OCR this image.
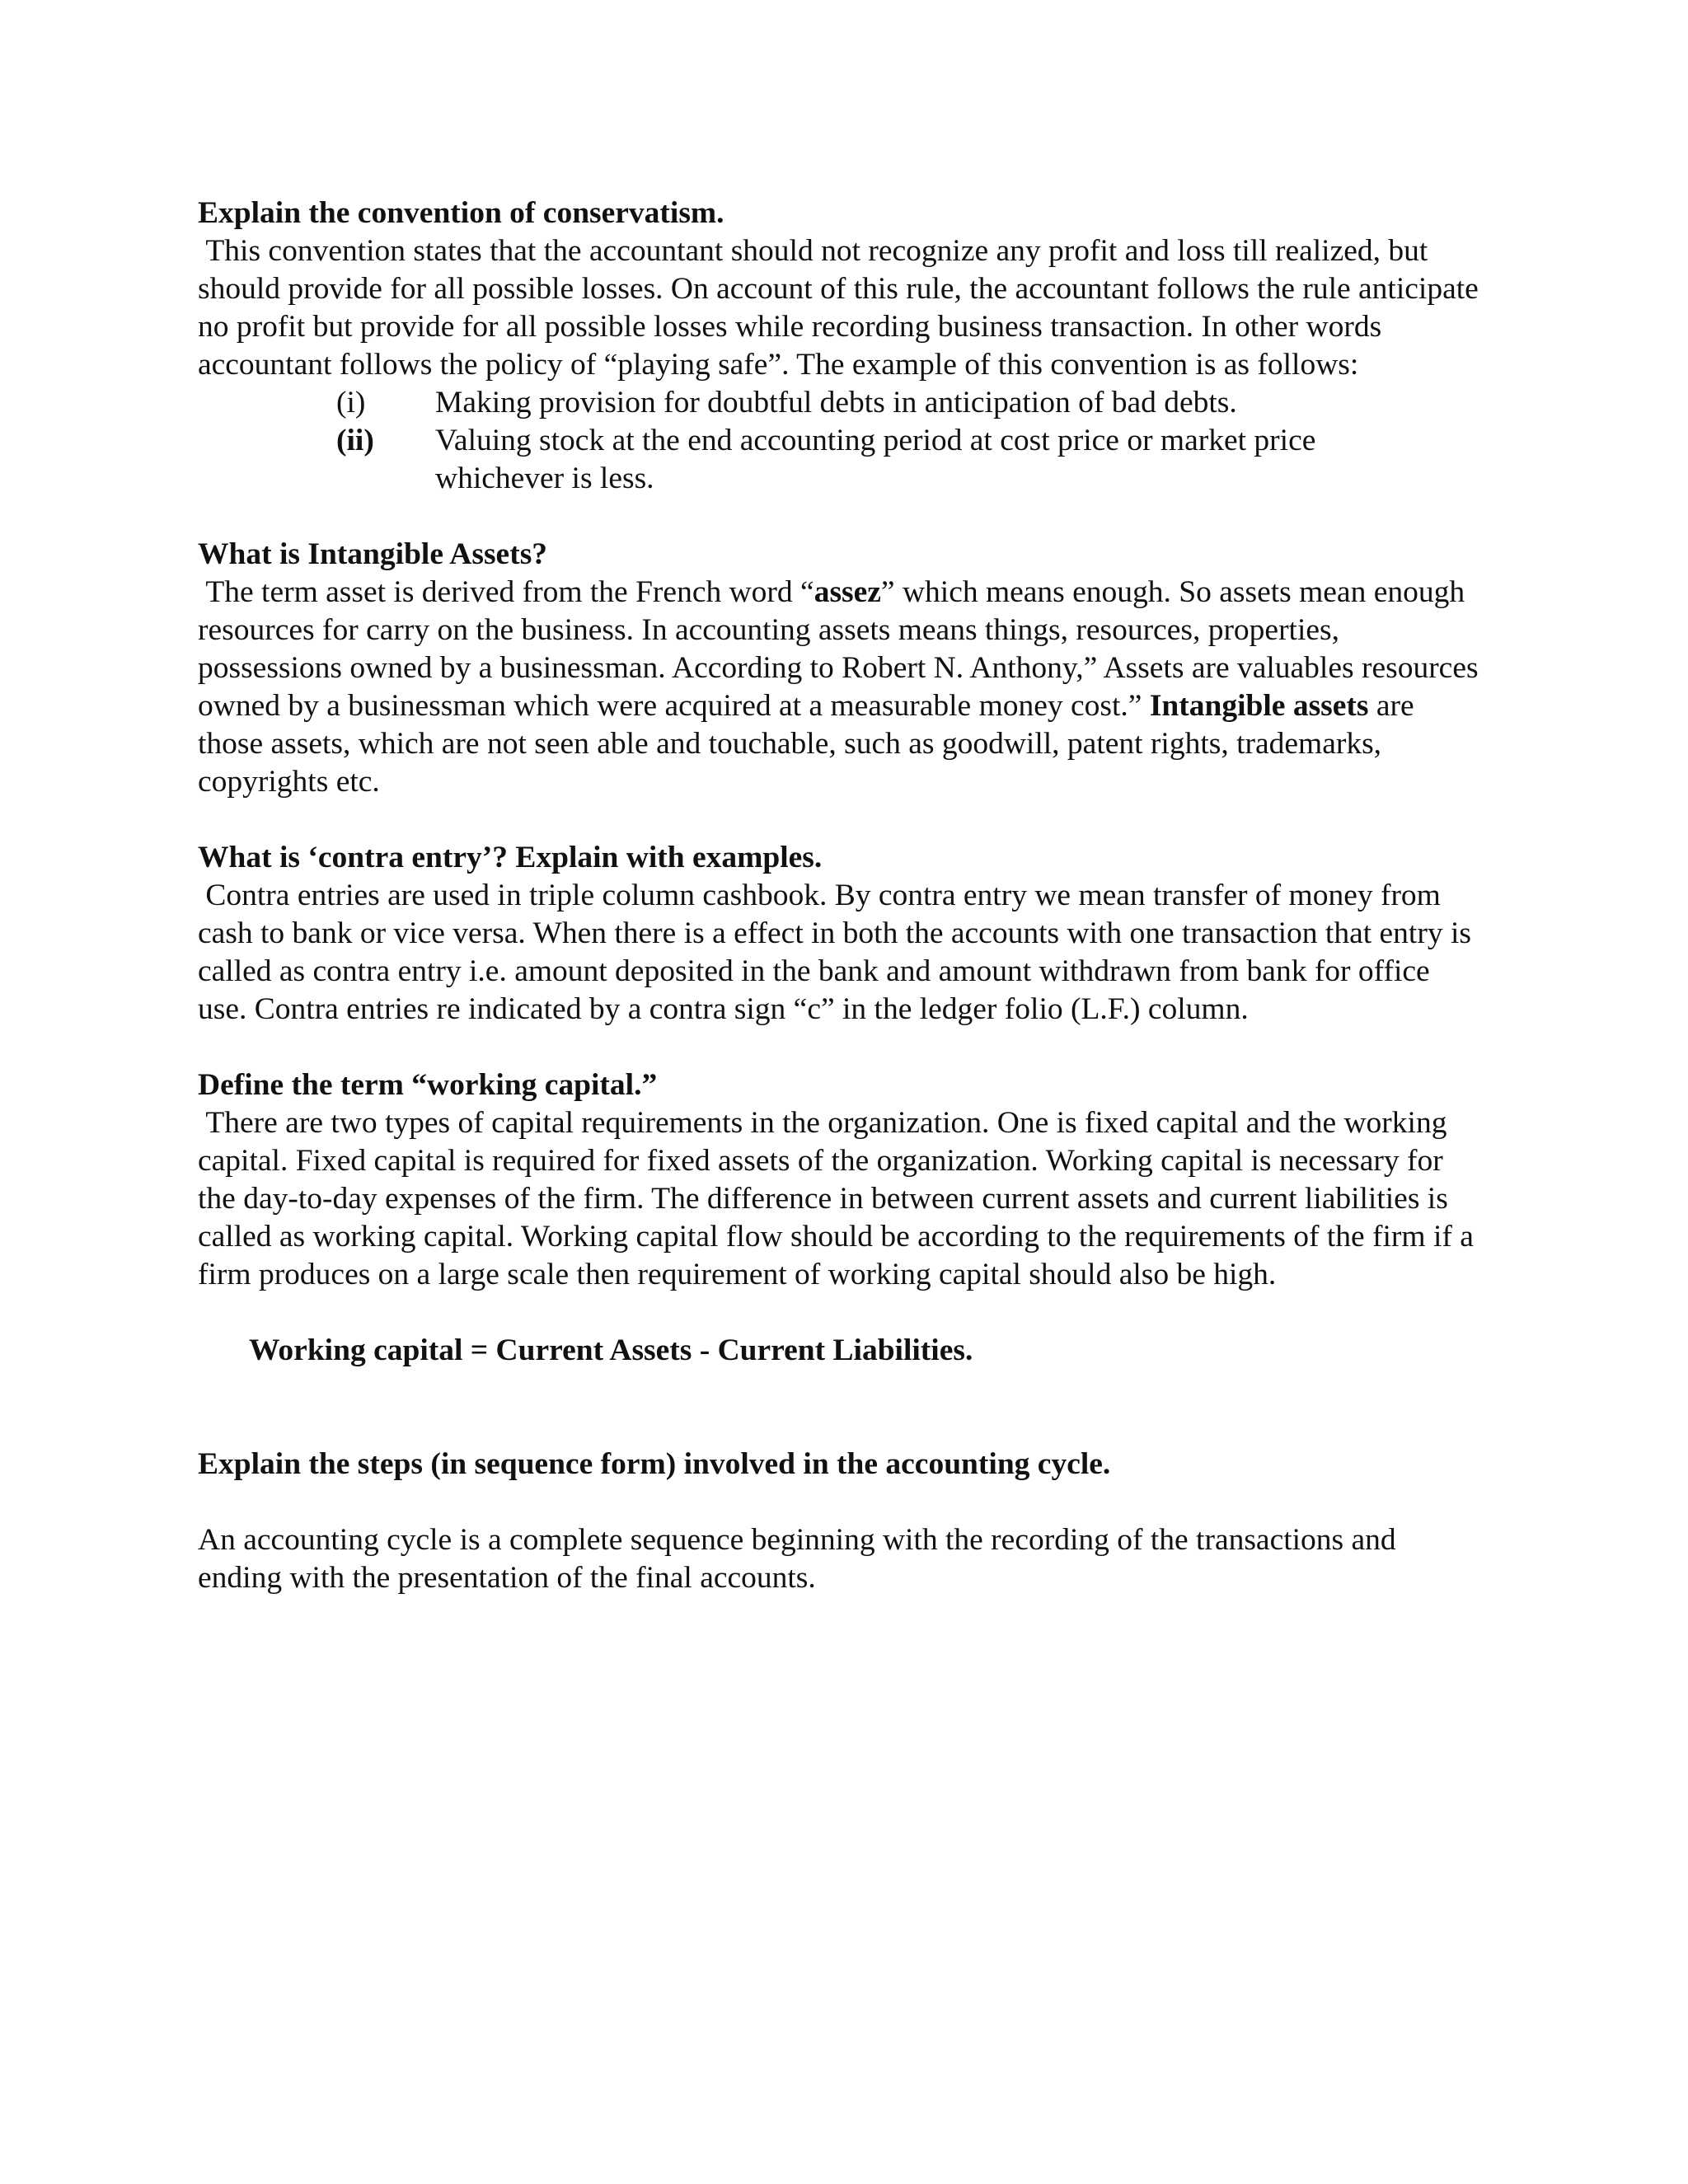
Explain the convention of conservatism.

This convention states that the accountant should not recognize any profit and loss till realized, but should provide for all possible losses. On account of this rule, the accountant follows the rule anticipate no profit but provide for all possible losses while recording business transaction. In other words accountant follows the policy of “playing safe”. The example of this convention is as follows:

(i)	Making provision for doubtful debts in anticipation of bad debts.
(ii)	Valuing stock at the end accounting period at cost price or market price whichever is less.

What is Intangible Assets?

The term asset is derived from the French word “assez” which means enough. So assets mean enough resources for carry on the business. In accounting assets means things, resources, properties, possessions owned by a businessman. According to Robert N. Anthony,” Assets are valuables resources owned by a businessman which were acquired at a measurable money cost.” Intangible assets are those assets, which are not seen able and touchable, such as goodwill, patent rights, trademarks, copyrights etc.

What is ‘contra entry’? Explain with examples.

Contra entries are used in triple column cashbook. By contra entry we mean transfer of money from cash to bank or vice versa. When there is a effect in both the accounts with one transaction that entry is called as contra entry i.e. amount deposited in the bank and amount withdrawn from bank for office use. Contra entries re indicated by a contra sign “c” in the ledger folio (L.F.) column.

Define the term “working capital.”

There are two types of capital requirements in the organization. One is fixed capital and the working capital. Fixed capital is required for fixed assets of the organization. Working capital is necessary for the day-to-day expenses of the firm. The difference in between current assets and current liabilities is called as working capital. Working capital flow should be according to the requirements of the firm if a firm produces on a large scale then requirement of working capital should also be high.

Working capital = Current Assets - Current Liabilities.

Explain the steps (in sequence form) involved in the accounting cycle.

An accounting cycle is a complete sequence beginning with the recording of the transactions and ending with the presentation of the final accounts.
